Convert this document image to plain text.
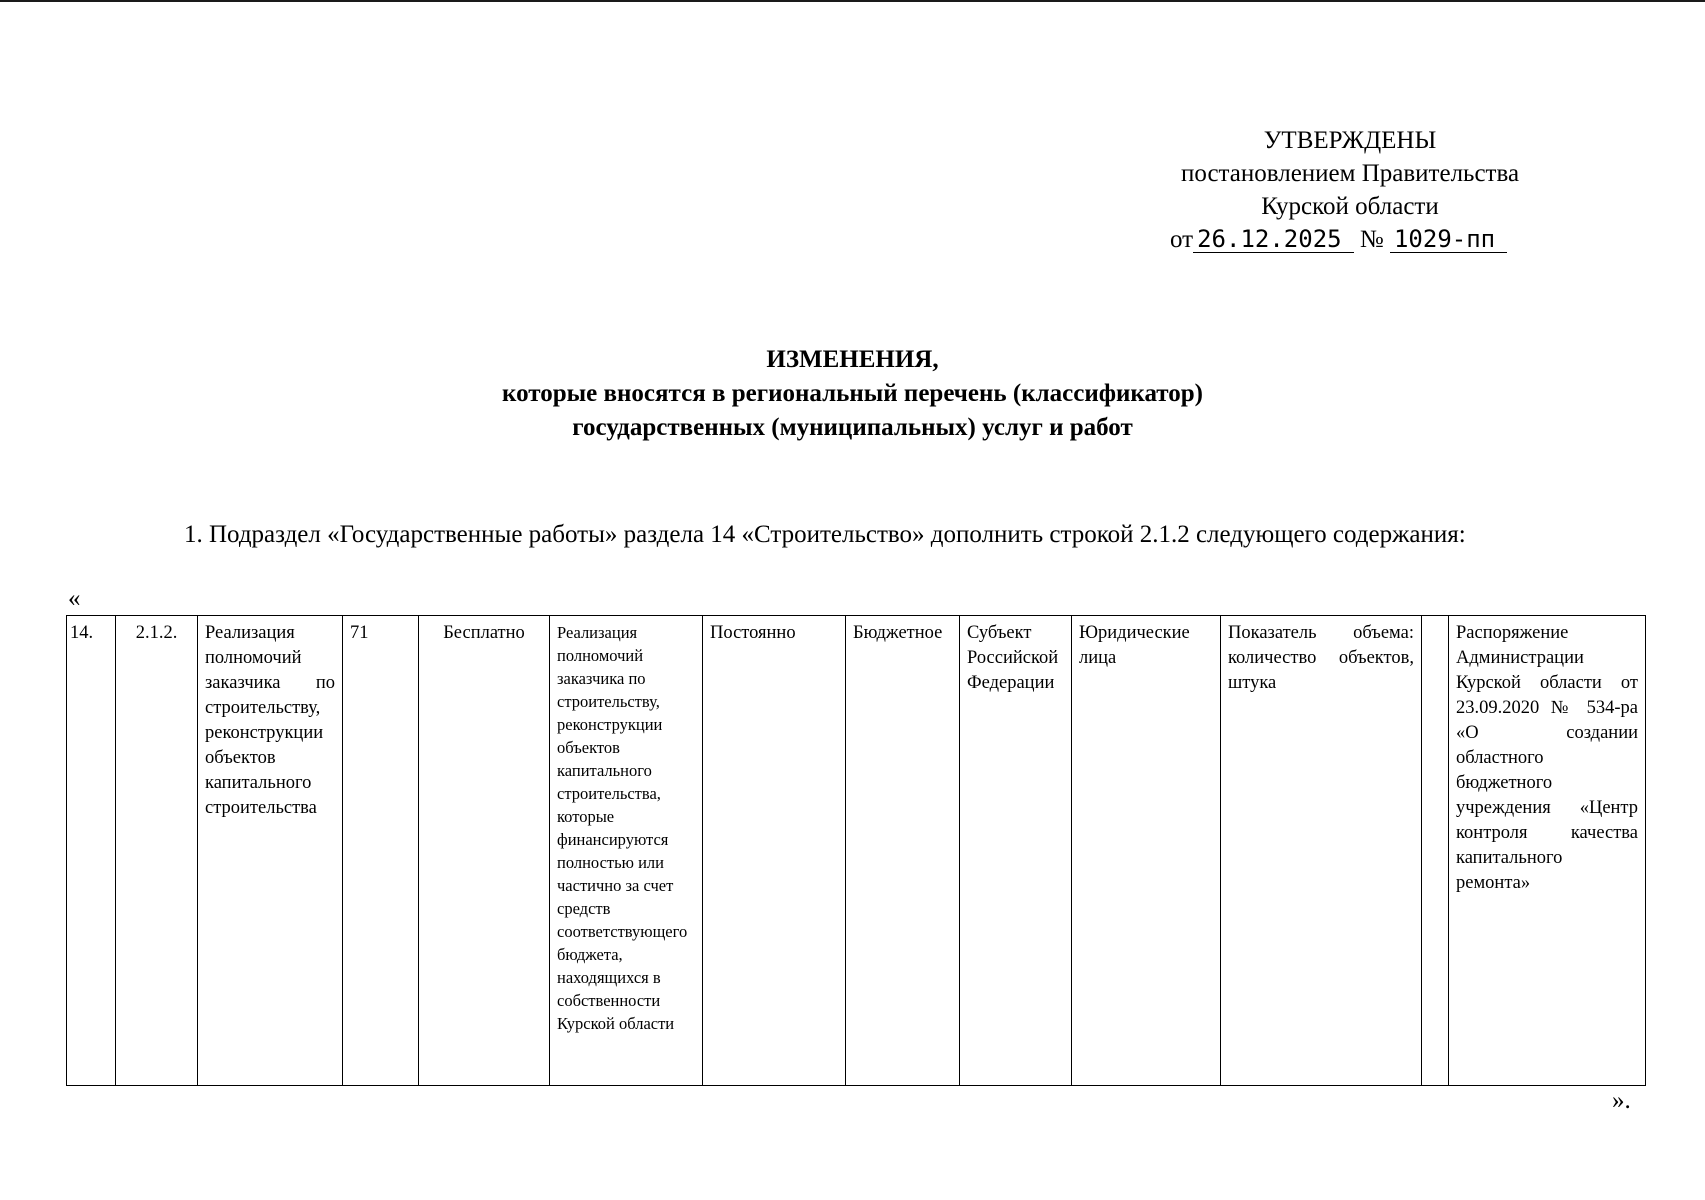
УТВЕРЖДЕНЫ
постановлением Правительства
Курской области
от 26.12.2025 № 1029-пп
ИЗМЕНЕНИЯ,
которые вносятся в региональный перечень (классификатор)
государственных (муниципальных) услуг и работ
1. Подраздел «Государственные работы» раздела 14 «Строительство» дополнить строкой 2.1.2 следующего содержания:
«
14.	2.1.2.	Реализация полномочий заказчика по строительству, реконструкции объектов капитального строительства	71	Бесплатно	Реализация полномочий заказчика по строительству, реконструкции объектов капитального строительства, которые финансируются полностью или частично за счет средств соответствующего бюджета, находящихся в собственности Курской области	Постоянно	Бюджетное	Субъект Российской Федерации	Юридические лица	Показатель объема: количество объектов, штука		Распоряжение Администрации Курской области от 23.09.2020 № 534-ра «О создании областного бюджетного учреждения «Центр контроля качества капитального ремонта»
».
